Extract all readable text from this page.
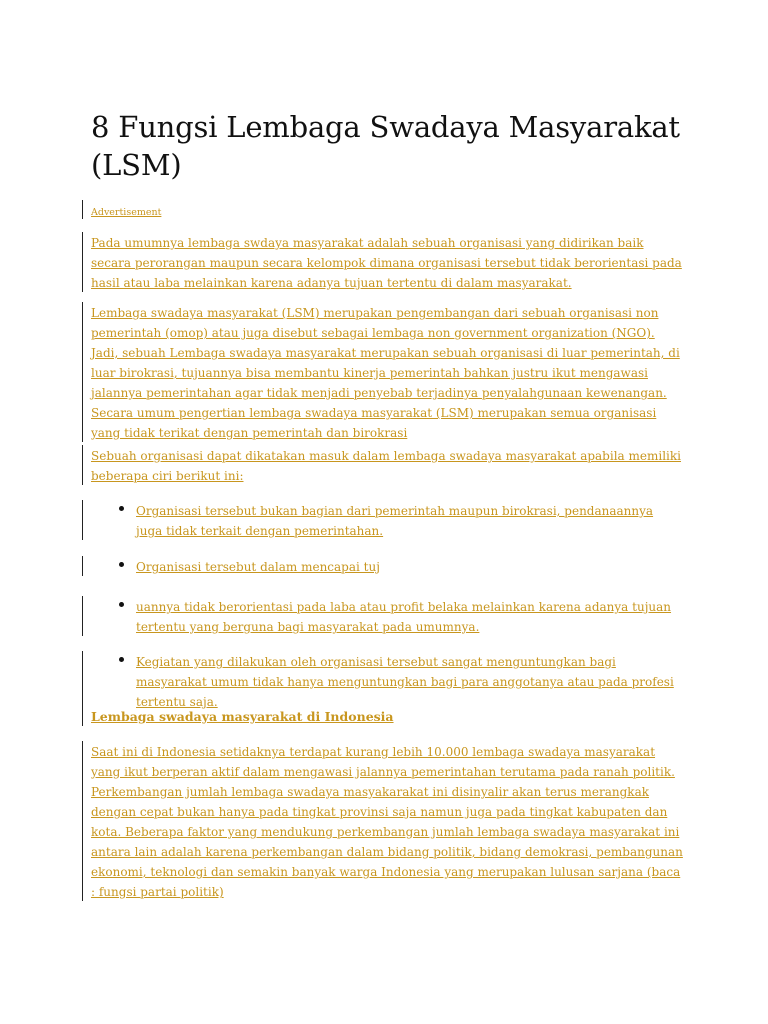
8 Fungsi Lembaga Swadaya Masyarakat (LSM)
Advertisement
Pada umumnya lembaga swdaya masyarakat adalah sebuah organisasi yang didirikan baik secara perorangan maupun secara kelompok dimana organisasi tersebut tidak berorientasi pada hasil atau laba melainkan karena adanya tujuan tertentu di dalam masyarakat.
Lembaga swadaya masyarakat (LSM) merupakan pengembangan dari sebuah organisasi non pemerintah (omop) atau juga disebut sebagai lembaga non government organization (NGO). Jadi, sebuah Lembaga swadaya masyarakat merupakan sebuah organisasi di luar pemerintah, di luar birokrasi, tujuannya bisa membantu kinerja pemerintah bahkan justru ikut mengawasi jalannya pemerintahan agar tidak menjadi penyebab terjadinya penyalahgunaan kewenangan. Secara umum pengertian lembaga swadaya masyarakat (LSM) merupakan semua organisasi yang tidak terikat dengan pemerintah dan birokrasi
Sebuah organisasi dapat dikatakan masuk dalam lembaga swadaya masyarakat apabila memiliki beberapa ciri berikut ini:
Organisasi tersebut bukan bagian dari pemerintah maupun birokrasi, pendanaannya juga tidak terkait dengan pemerintahan.
Organisasi tersebut dalam mencapai tuj
uannya tidak berorientasi pada laba atau profit belaka melainkan karena adanya tujuan tertentu yang berguna bagi masyarakat pada umumnya.
Kegiatan yang dilakukan oleh organisasi tersebut sangat menguntungkan bagi masyarakat umum tidak hanya menguntungkan bagi para anggotanya atau pada profesi tertentu saja.
Lembaga swadaya masyarakat di Indonesia
Saat ini di Indonesia setidaknya terdapat kurang lebih 10.000 lembaga swadaya masyarakat yang ikut berperan aktif dalam mengawasi jalannya pemerintahan terutama pada ranah politik. Perkembangan jumlah lembaga swadaya masyakarakat ini disinyalir akan terus merangkak dengan cepat bukan hanya pada tingkat provinsi saja namun juga pada tingkat kabupaten dan kota. Beberapa faktor yang mendukung perkembangan jumlah lembaga swadaya masyarakat ini antara lain adalah karena perkembangan dalam bidang politik, bidang demokrasi, pembangunan ekonomi, teknologi dan semakin banyak warga Indonesia yang merupakan lulusan sarjana (baca : fungsi partai politik)
